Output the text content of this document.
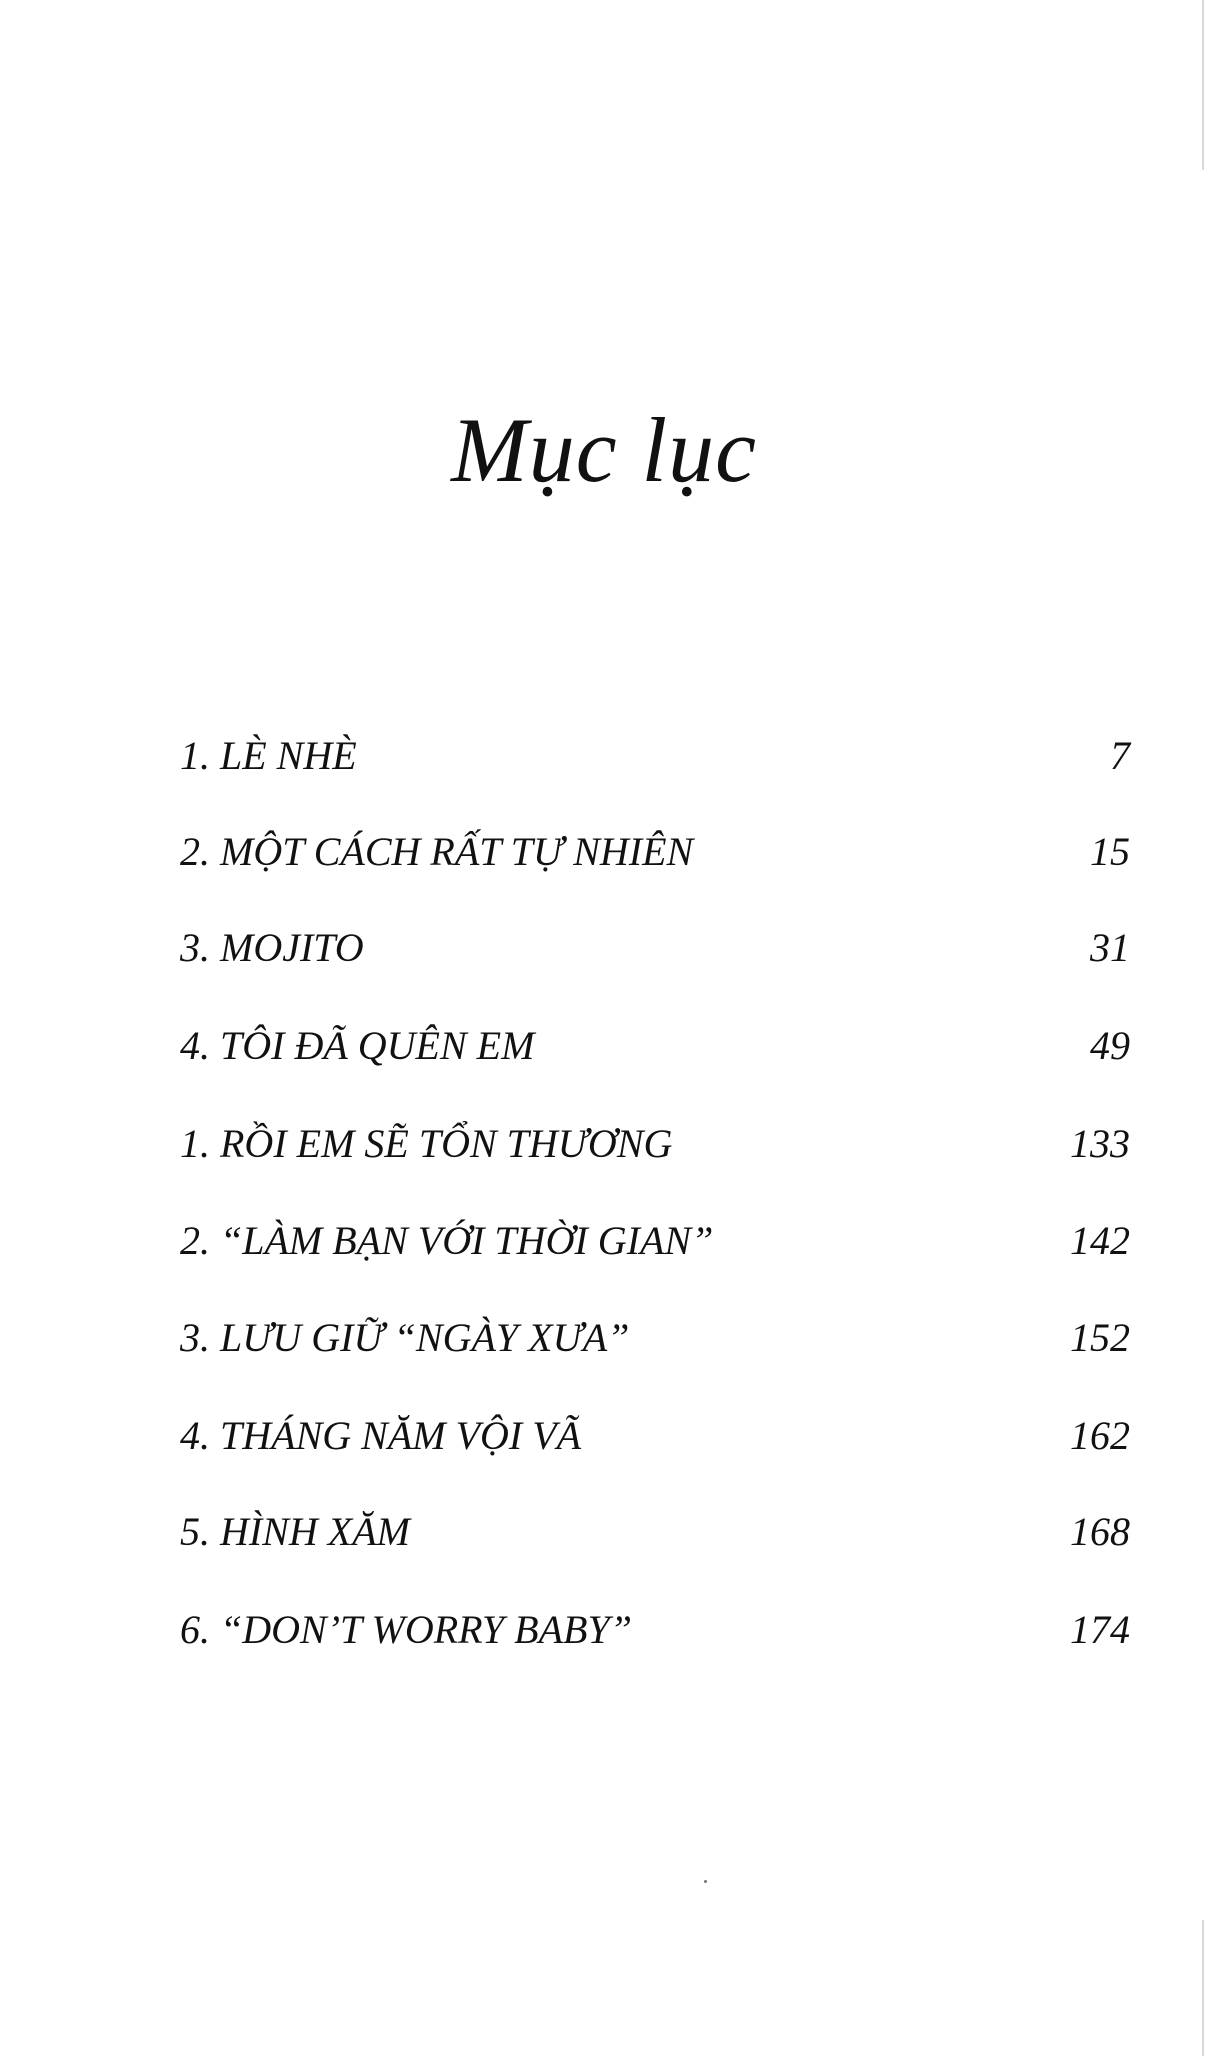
Mục lục
1. LÈ NHÈ	7
2. MỘT CÁCH RẤT TỰ NHIÊN	15
3. MOJITO	31
4. TÔI ĐÃ QUÊN EM	49
1. RỒI EM SẼ TỔN THƯƠNG	133
2. “LÀM BẠN VỚI THỜI GIAN”	142
3. LƯU GIỮ “NGÀY XƯA”	152
4. THÁNG NĂM VỘI VÃ	162
5. HÌNH XĂM	168
6. “DON’T WORRY BABY”	174
